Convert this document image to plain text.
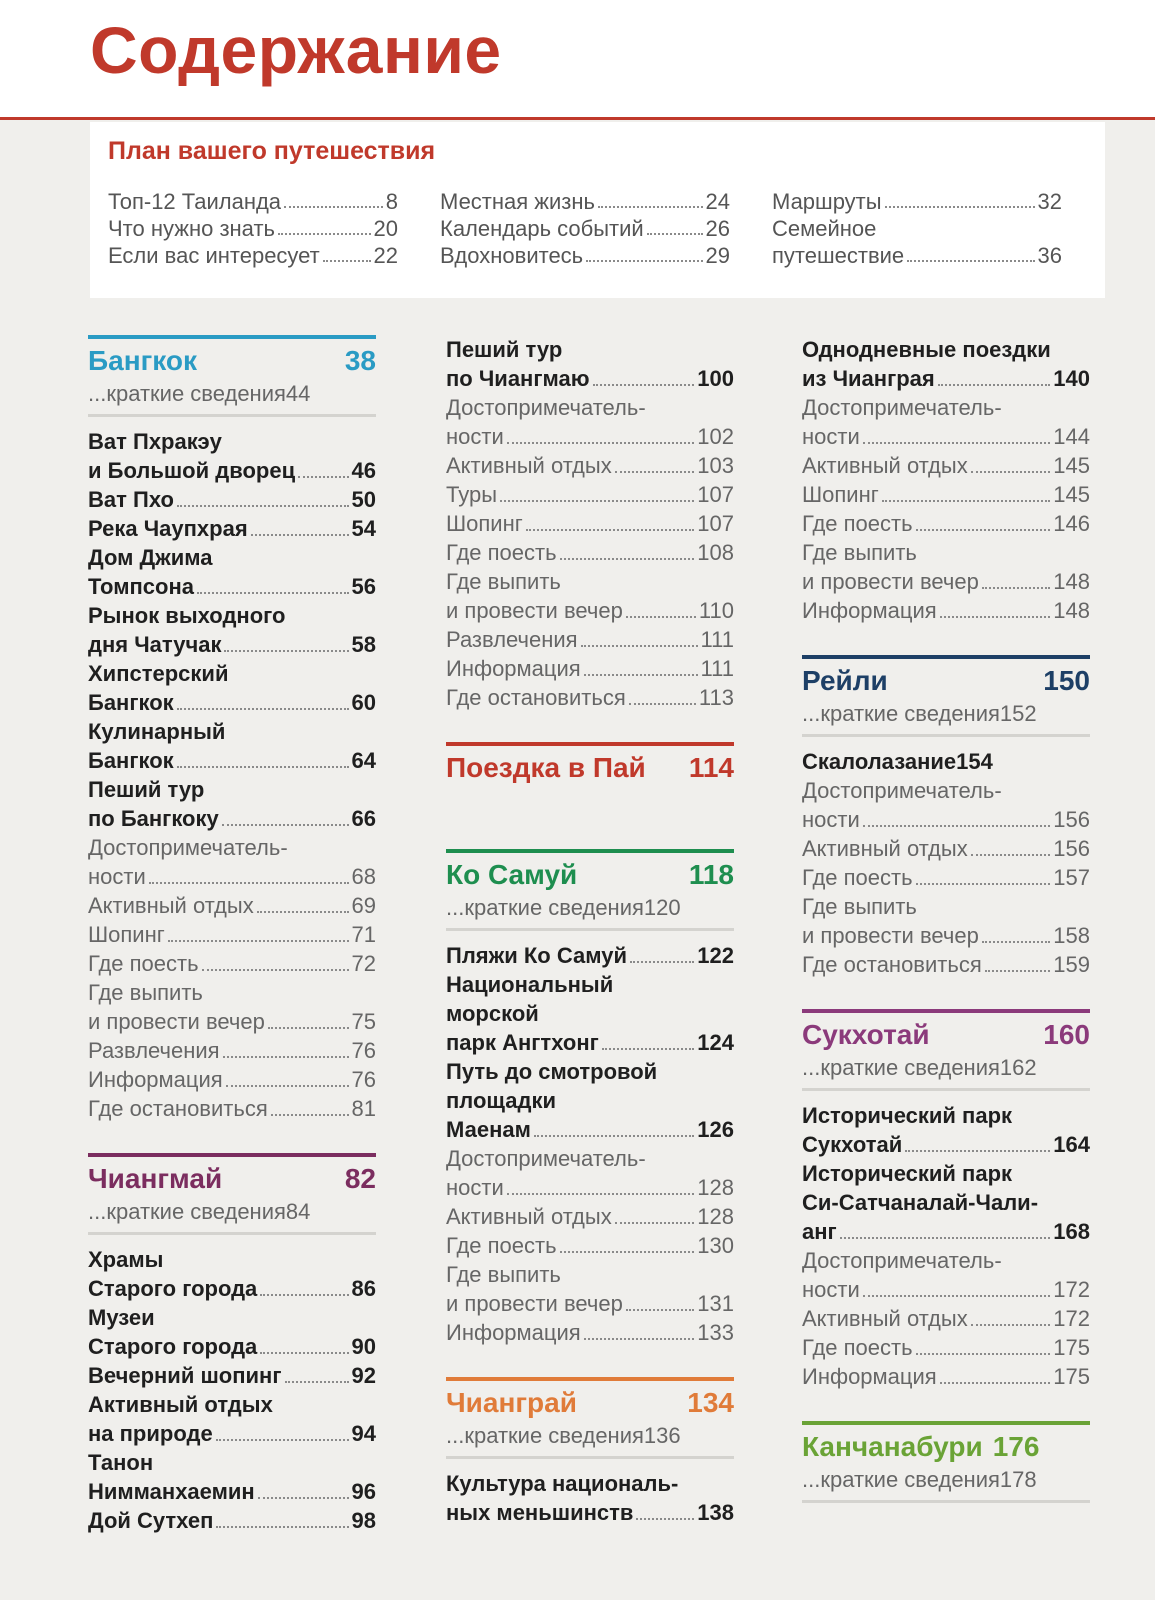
Содержание
План вашего путешествия
Топ-12 Таиланда	8
Что нужно знать	20
Если вас интересует 22
Местная жизнь	24
Календарь событий	26
Вдохновитесь	29
Маршруты	32
Семейное
путешествие	36
Бангкок	38
...краткие сведения 44
Ват Пхракэу
и Большой дворец	46
Ват Пхо	50
Река Чаупхрая	54
Дом Джима
Томпсона	56
Рынок выходного
дня Чатучак	58
Хипстерский
Бангкок	60
Кулинарный
Бангкок	64
Пеший тур
по Бангкоку	66
Достопримечатель-
ности	68
Активный отдых	69
Шопинг	71
Где поесть	72
Где выпить
и провести вечер	75
Развлечения	76
Информация	76
Где остановиться	81
Чиангмай	82
...краткие сведения 84
Храмы
Старого города	86
Музеи
Старого города	90
Вечерний шопинг	92
Активный отдых
на природе	94
Танон
Нимманхаемин	96
Дой Сутхеп	98
Пеший тур
по Чиангмаю	100
Достопримечатель-
ности	102
Активный отдых	103
Туры	107
Шопинг	107
Где поесть	108
Где выпить
и провести вечер	110
Развлечения	111
Информация	111
Где остановиться	113
Поездка в Пай 114
Ко Самуй	118
...краткие сведения 120
Пляжи Ко Самуй	122
Национальный
морской
парк Ангтхонг	124
Путь до смотровой
площадки
Маенам	126
Достопримечатель-
ности	128
Активный отдых	128
Где поесть	130
Где выпить
и провести вечер	131
Информация	133
Чианграй	134
...краткие сведения 136
Культура националь-
ных меньшинств	138
Однодневные поездки
из Чианграя	140
Достопримечатель-
ности	144
Активный отдых	145
Шопинг	145
Где поесть	146
Где выпить
и провести вечер	148
Информация	148
Рейли	150
...краткие сведения 152
Скалолазание 154
Достопримечатель-
ности	156
Активный отдых	156
Где поесть	157
Где выпить
и провести вечер	158
Где остановиться	159
Сукхотай	160
...краткие сведения 162
Исторический парк
Сукхотай	164
Исторический парк
Си-Сатчаналай-Чали-
анг	168
Достопримечатель-
ности	172
Активный отдых	172
Где поесть	175
Информация	175
Канчанабури 176
...краткие сведения 178
